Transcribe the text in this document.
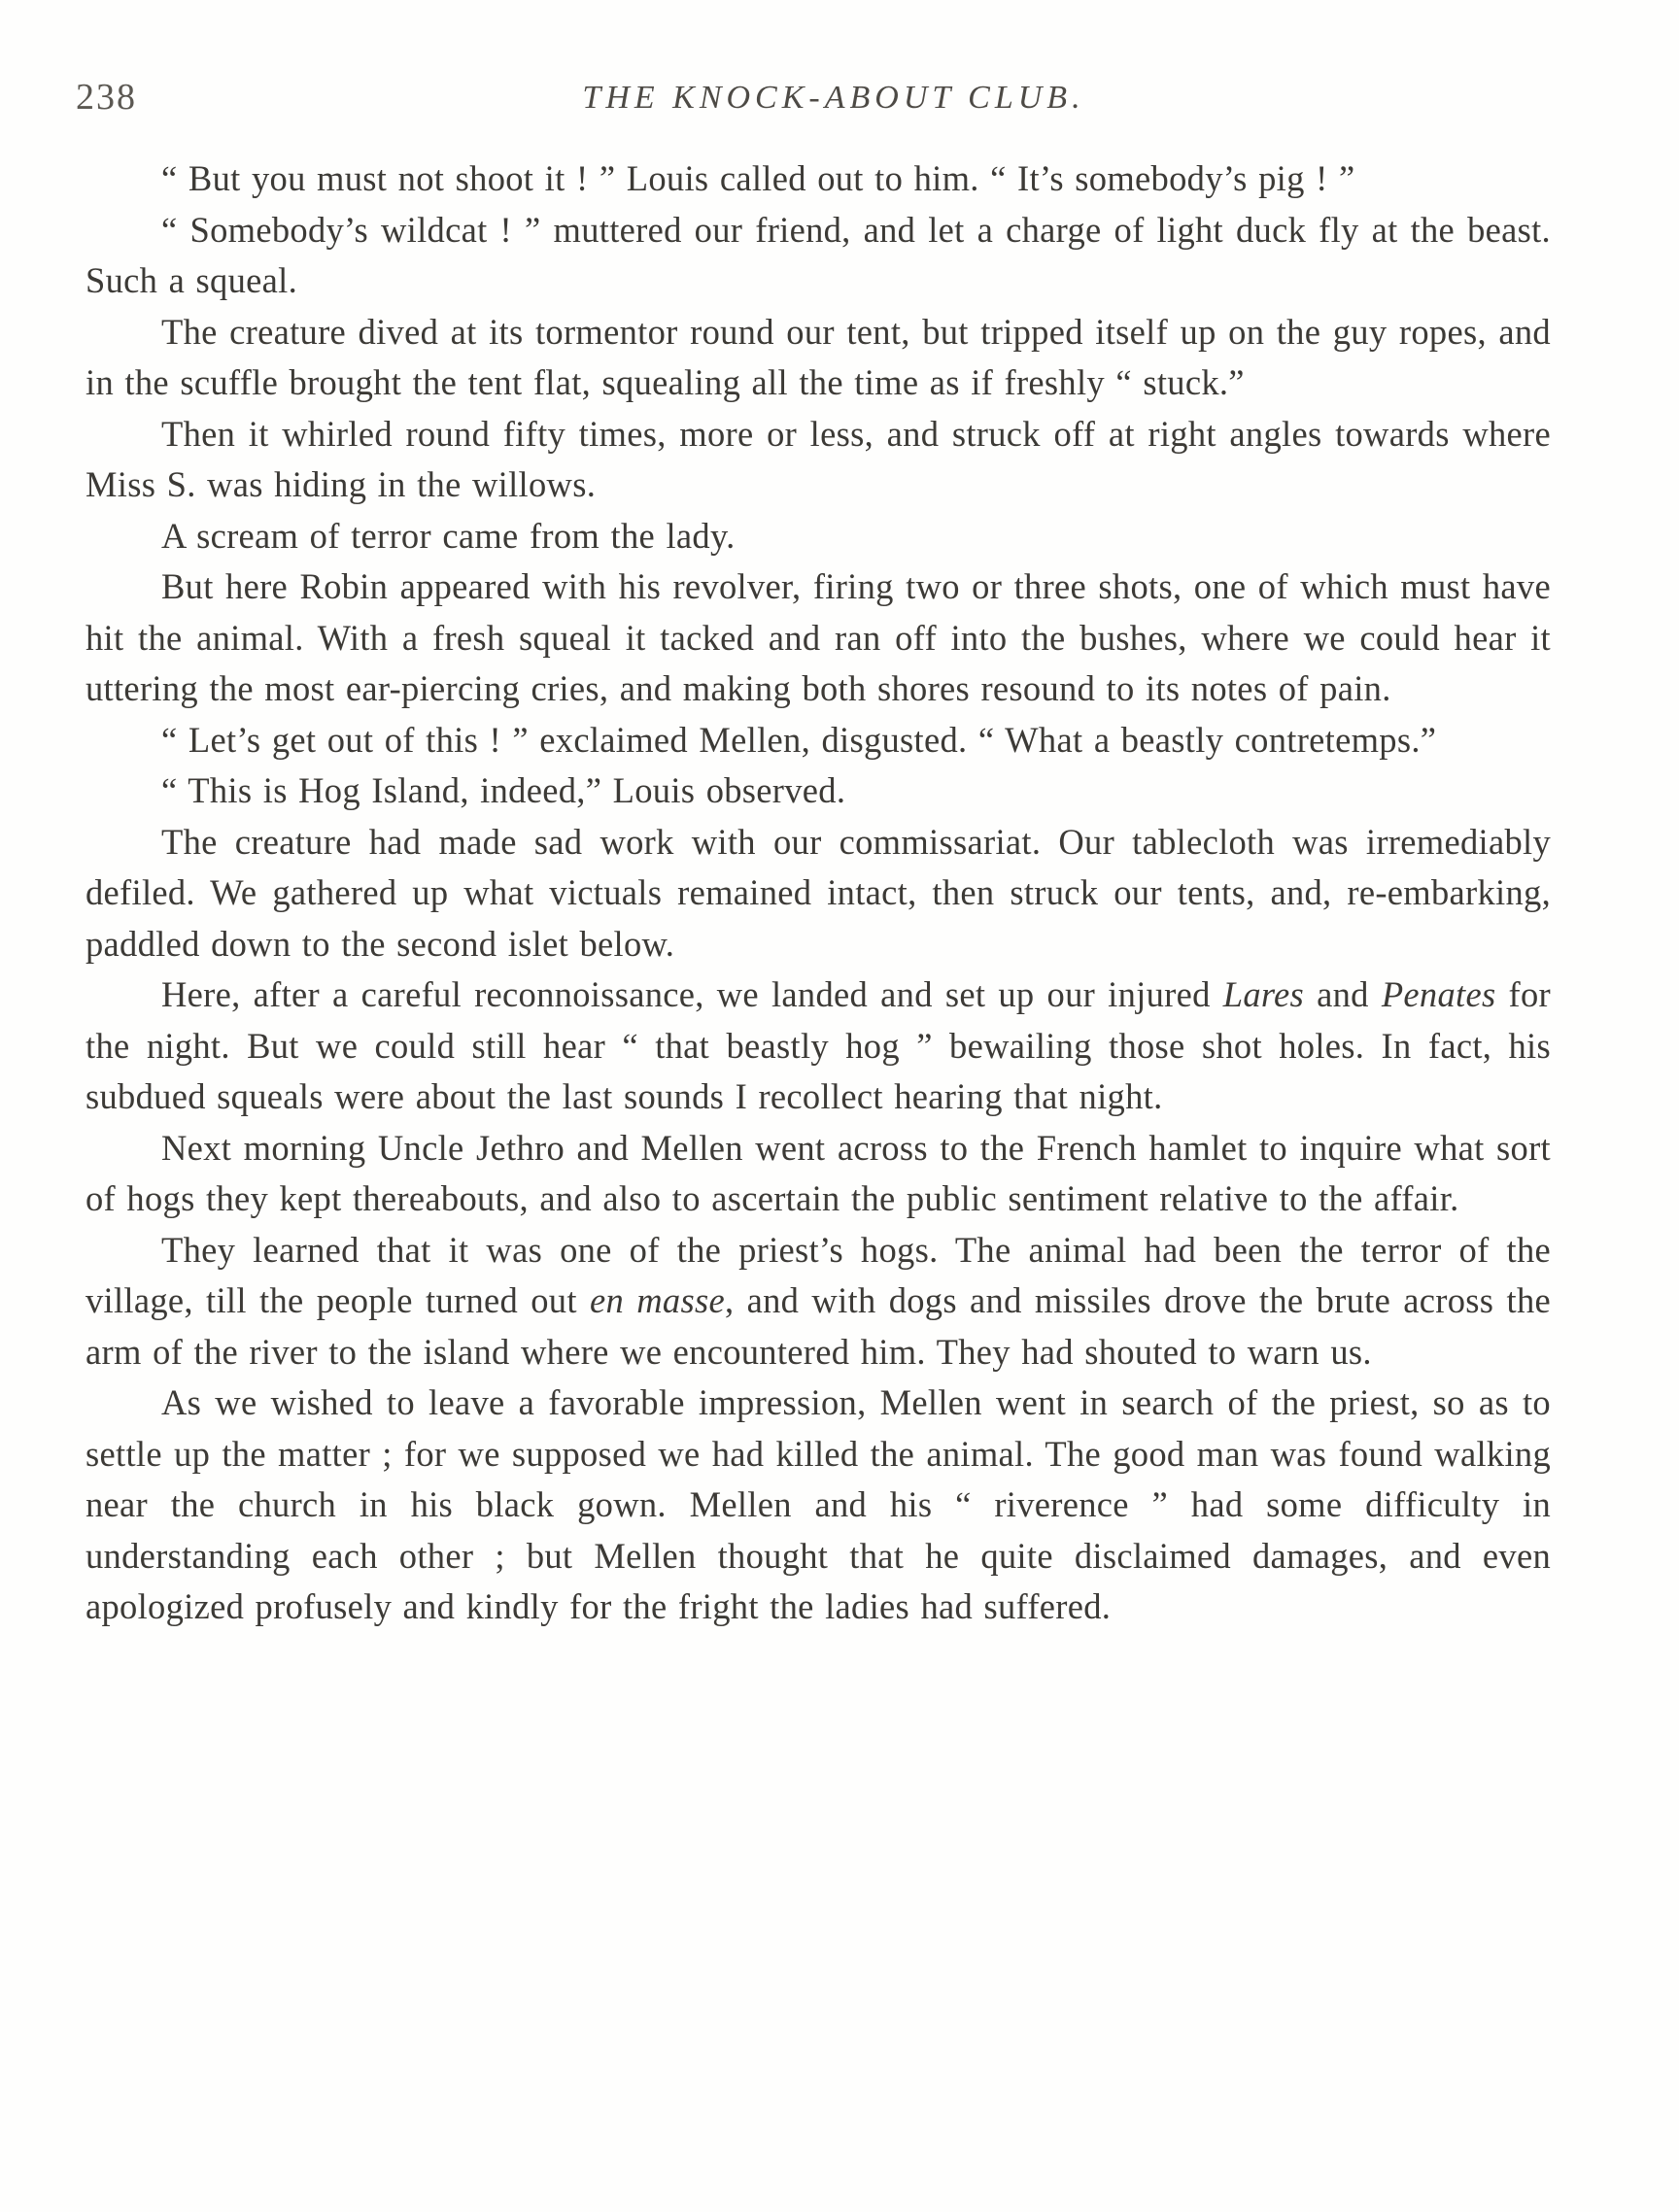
238	THE KNOCK-ABOUT CLUB.

“ But you must not shoot it ! ” Louis called out to him. “ It’s somebody’s pig ! ”

“ Somebody’s wildcat ! ” muttered our friend, and let a charge of light duck fly at the beast. Such a squeal.

The creature dived at its tormentor round our tent, but tripped itself up on the guy ropes, and in the scuffle brought the tent flat, squealing all the time as if freshly “ stuck.”

Then it whirled round fifty times, more or less, and struck off at right angles towards where Miss S. was hiding in the willows.

A scream of terror came from the lady.

But here Robin appeared with his revolver, firing two or three shots, one of which must have hit the animal. With a fresh squeal it tacked and ran off into the bushes, where we could hear it uttering the most ear-piercing cries, and making both shores resound to its notes of pain.

“ Let’s get out of this ! ” exclaimed Mellen, disgusted. “ What a beastly contretemps.”

“ This is Hog Island, indeed,” Louis observed.

The creature had made sad work with our commissariat. Our tablecloth was irremediably defiled. We gathered up what victuals remained intact, then struck our tents, and, re-embarking, paddled down to the second islet below.

Here, after a careful reconnoissance, we landed and set up our injured Lares and Penates for the night. But we could still hear “ that beastly hog ” bewailing those shot holes. In fact, his subdued squeals were about the last sounds I recollect hearing that night.

Next morning Uncle Jethro and Mellen went across to the French hamlet to inquire what sort of hogs they kept thereabouts, and also to ascertain the public sentiment relative to the affair.

They learned that it was one of the priest’s hogs. The animal had been the terror of the village, till the people turned out en masse, and with dogs and missiles drove the brute across the arm of the river to the island where we encountered him. They had shouted to warn us.

As we wished to leave a favorable impression, Mellen went in search of the priest, so as to settle up the matter ; for we supposed we had killed the animal. The good man was found walking near the church in his black gown. Mellen and his “ riverence ” had some difficulty in understanding each other ; but Mellen thought that he quite disclaimed damages, and even apologized profusely and kindly for the fright the ladies had suffered.
